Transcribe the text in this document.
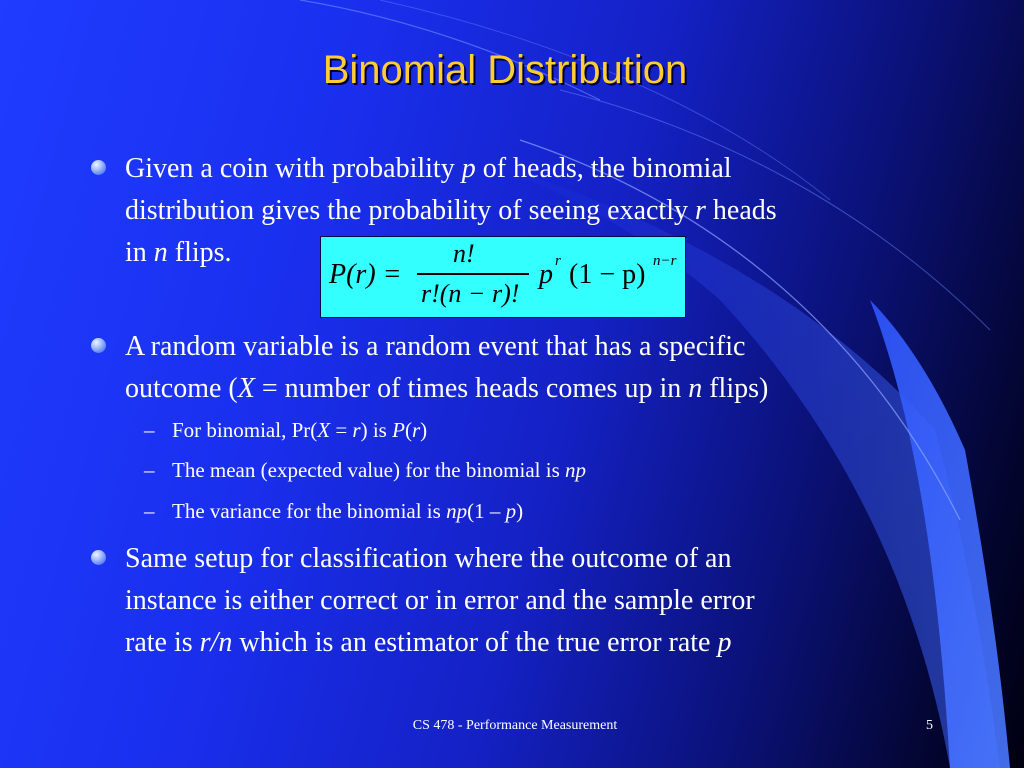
Binomial Distribution
Given a coin with probability p of heads, the binomial
distribution gives the probability of seeing exactly r heads
in n flips.
P(r) =
n!
r!(n − r)!
p r (1 − p) n−r
A random variable is a random event that has a specific
outcome (X = number of times heads comes up in n flips)
– For binomial, Pr(X = r) is P(r)
– The mean (expected value) for the binomial is np
– The variance for the binomial is np(1 – p)
Same setup for classification where the outcome of an
instance is either correct or in error and the sample error
rate is r/n which is an estimator of the true error rate p
CS 478 - Performance Measurement	5
